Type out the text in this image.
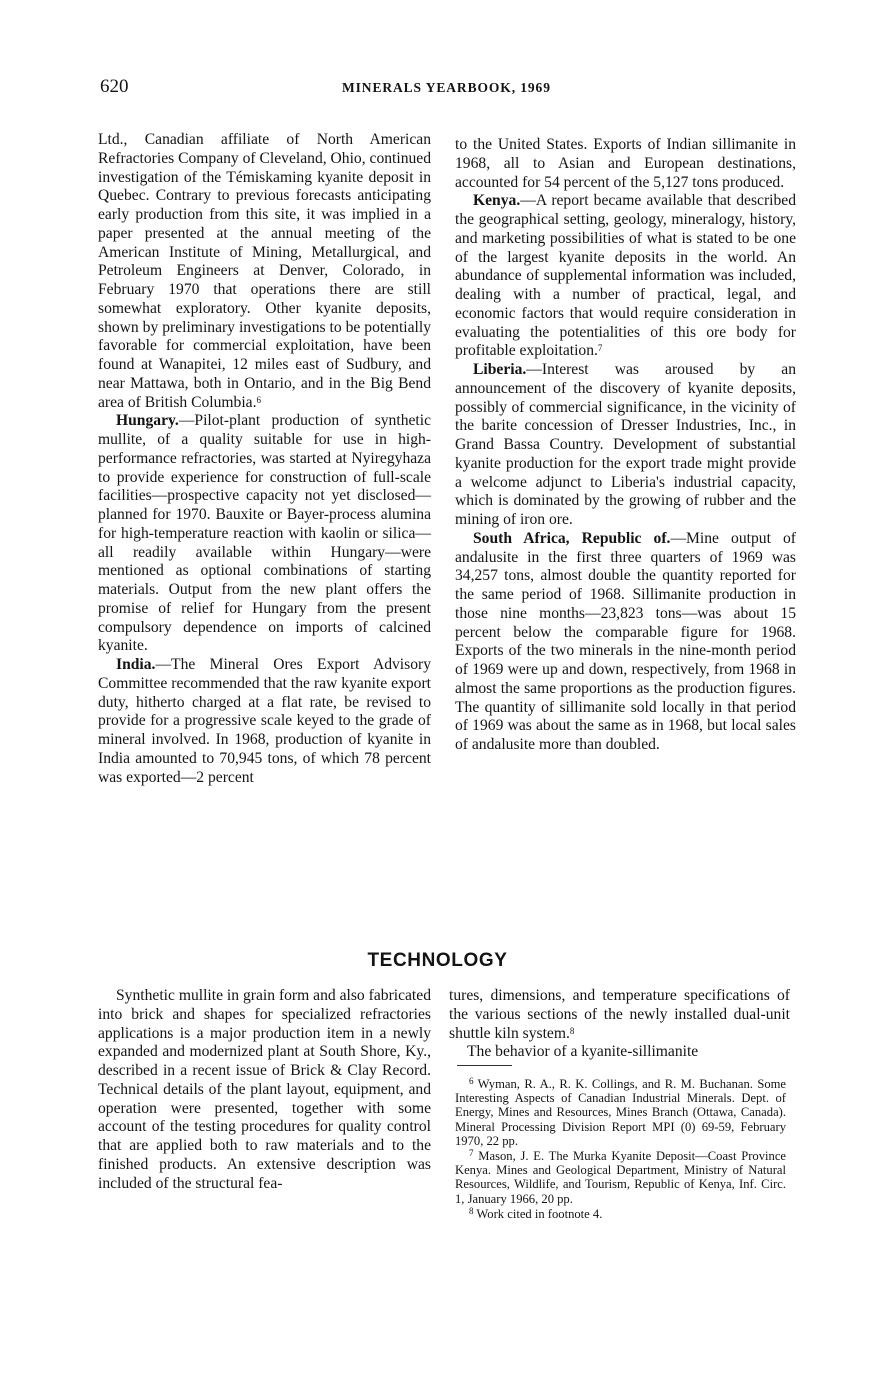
620	MINERALS YEARBOOK, 1969

Ltd., Canadian affiliate of North American Refractories Company of Cleveland, Ohio, continued investigation of the Témiskaming kyanite deposit in Quebec. Contrary to previous forecasts anticipating early production from this site, it was implied in a paper presented at the annual meeting of the American Institute of Mining, Metallurgical, and Petroleum Engineers at Denver, Colorado, in February 1970 that operations there are still somewhat exploratory. Other kyanite deposits, shown by preliminary investigations to be potentially favorable for commercial exploitation, have been found at Wanapitei, 12 miles east of Sudbury, and near Mattawa, both in Ontario, and in the Big Bend area of British Columbia.$^6$

Hungary.—Pilot-plant production of synthetic mullite, of a quality suitable for use in high-performance refractories, was started at Nyiregyhaza to provide experience for construction of full-scale facilities—prospective capacity not yet disclosed—planned for 1970. Bauxite or Bayer-process alumina for high-temperature reaction with kaolin or silica—all readily available within Hungary—were mentioned as optional combinations of starting materials. Output from the new plant offers the promise of relief for Hungary from the present compulsory dependence on imports of calcined kyanite.

India.—The Mineral Ores Export Advisory Committee recommended that the raw kyanite export duty, hitherto charged at a flat rate, be revised to provide for a progressive scale keyed to the grade of mineral involved. In 1968, production of kyanite in India amounted to 70,945 tons, of which 78 percent was exported—2 percent

to the United States. Exports of Indian sillimanite in 1968, all to Asian and European destinations, accounted for 54 percent of the 5,127 tons produced.

Kenya.—A report became available that described the geographical setting, geology, mineralogy, history, and marketing possibilities of what is stated to be one of the largest kyanite deposits in the world. An abundance of supplemental information was included, dealing with a number of practical, legal, and economic factors that would require consideration in evaluating the potentialities of this ore body for profitable exploitation.$^7$

Liberia.—Interest was aroused by an announcement of the discovery of kyanite deposits, possibly of commercial significance, in the vicinity of the barite concession of Dresser Industries, Inc., in Grand Bassa Country. Development of substantial kyanite production for the export trade might provide a welcome adjunct to Liberia's industrial capacity, which is dominated by the growing of rubber and the mining of iron ore.

South Africa, Republic of.—Mine output of andalusite in the first three quarters of 1969 was 34,257 tons, almost double the quantity reported for the same period of 1968. Sillimanite production in those nine months—23,823 tons—was about 15 percent below the comparable figure for 1968. Exports of the two minerals in the nine-month period of 1969 were up and down, respectively, from 1968 in almost the same proportions as the production figures. The quantity of sillimanite sold locally in that period of 1969 was about the same as in 1968, but local sales of andalusite more than doubled.

TECHNOLOGY

Synthetic mullite in grain form and also fabricated into brick and shapes for specialized refractories applications is a major production item in a newly expanded and modernized plant at South Shore, Ky., described in a recent issue of Brick & Clay Record. Technical details of the plant layout, equipment, and operation were presented, together with some account of the testing procedures for quality control that are applied both to raw materials and to the finished products. An extensive description was included of the structural fea-

tures, dimensions, and temperature specifications of the various sections of the newly installed dual-unit shuttle kiln system.$^8$

The behavior of a kyanite-sillimanite

$^6$ Wyman, R. A., R. K. Collings, and R. M. Buchanan. Some Interesting Aspects of Canadian Industrial Minerals. Dept. of Energy, Mines and Resources, Mines Branch (Ottawa, Canada). Mineral Processing Division Report MPI (0) 69-59, February 1970, 22 pp.

$^7$ Mason, J. E. The Murka Kyanite Deposit—Coast Province Kenya. Mines and Geological Department, Ministry of Natural Resources, Wildlife, and Tourism, Republic of Kenya, Inf. Circ. 1, January 1966, 20 pp.

$^8$ Work cited in footnote 4.
